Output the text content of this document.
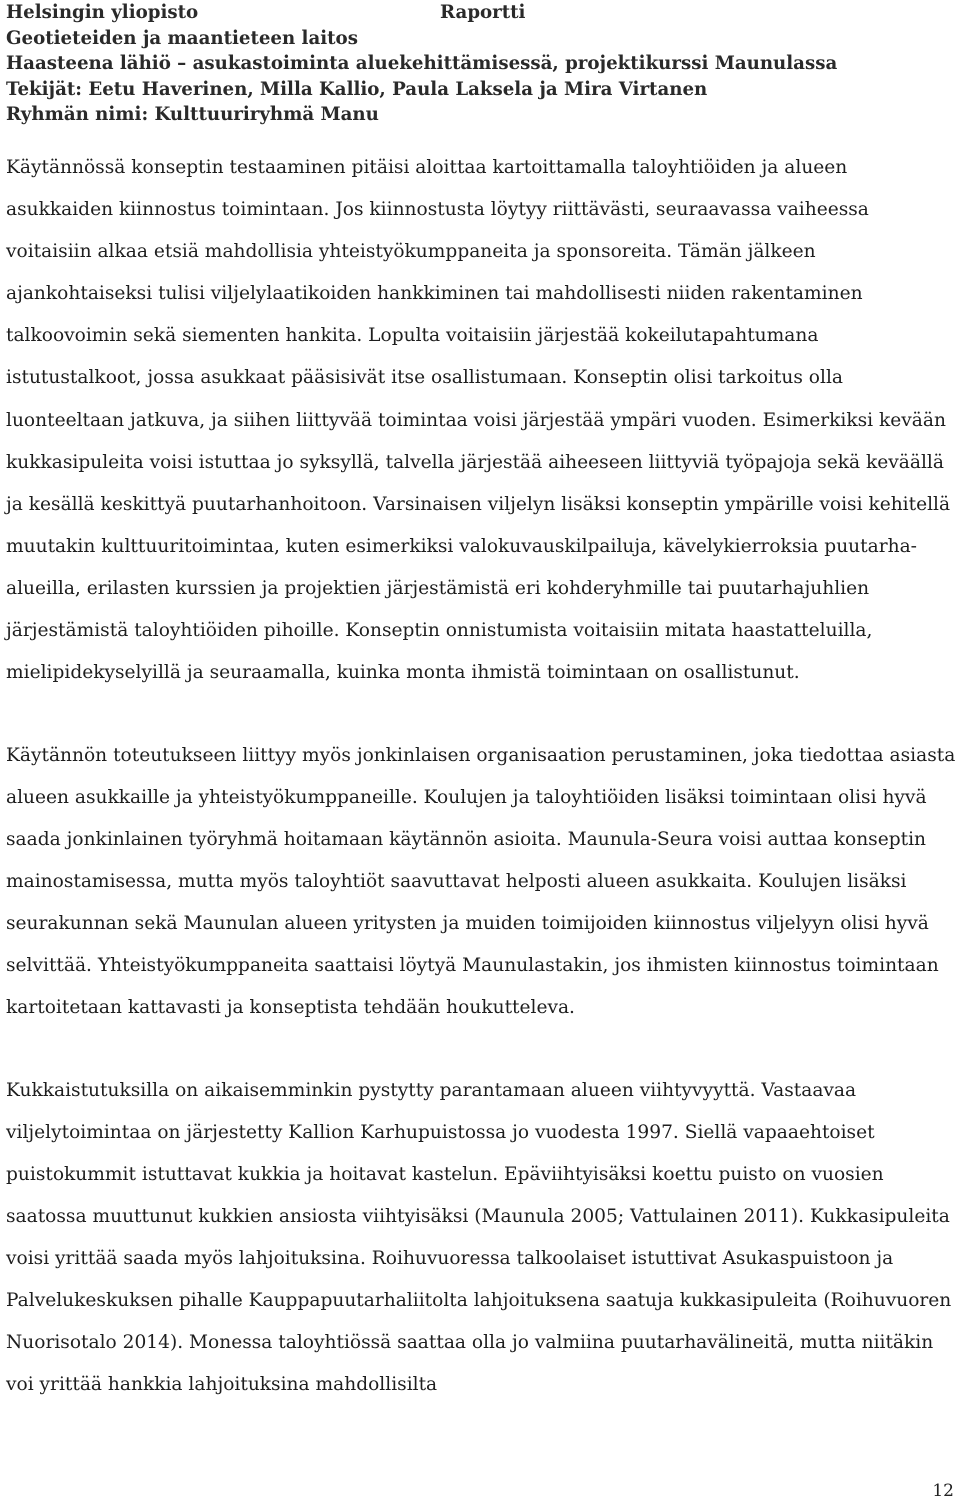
Helsingin yliopisto	Raportti
Geotieteiden ja maantieteen laitos
Haasteena lähiö – asukastoiminta aluekehittämisessä, projektikurssi Maunulassa
Tekijät: Eetu Haverinen, Milla Kallio, Paula Laksela ja Mira Virtanen
Ryhmän nimi: Kulttuuriryhmä Manu

Käytännössä konseptin testaaminen pitäisi aloittaa kartoittamalla taloyhtiöiden ja alueen asukkaiden kiinnostus toimintaan. Jos kiinnostusta löytyy riittävästi, seuraavassa vaiheessa voitaisiin alkaa etsiä mahdollisia yhteistyökumppaneita ja sponsoreita. Tämän jälkeen ajankohtaiseksi tulisi viljelylaatikoiden hankkiminen tai mahdollisesti niiden rakentaminen talkoovoimin sekä siementen hankita. Lopulta voitaisiin järjestää kokeilutapahtumana istutustalkoot, jossa asukkaat pääsisivät itse osallistumaan. Konseptin olisi tarkoitus olla luonteeltaan jatkuva, ja siihen liittyvää toimintaa voisi järjestää ympäri vuoden. Esimerkiksi kevään kukkasipuleita voisi istuttaa jo syksyllä, talvella järjestää aiheeseen liittyviä työpajoja sekä keväällä ja kesällä keskittyä puutarhanhoitoon. Varsinaisen viljelyn lisäksi konseptin ympärille voisi kehitellä muutakin kulttuuritoimintaa, kuten esimerkiksi valokuvauskilpailuja, kävelykierroksia puutarha-alueilla, erilasten kurssien ja projektien järjestämistä eri kohderyhmille tai puutarhajuhlien järjestämistä taloyhtiöiden pihoille. Konseptin onnistumista voitaisiin mitata haastatteluilla, mielipidekyselyillä ja seuraamalla, kuinka monta ihmistä toimintaan on osallistunut.

Käytännön toteutukseen liittyy myös jonkinlaisen organisaation perustaminen, joka tiedottaa asiasta alueen asukkaille ja yhteistyökumppaneille. Koulujen ja taloyhtiöiden lisäksi toimintaan olisi hyvä saada jonkinlainen työryhmä hoitamaan käytännön asioita. Maunula-Seura voisi auttaa konseptin mainostamisessa, mutta myös taloyhtiöt saavuttavat helposti alueen asukkaita. Koulujen lisäksi seurakunnan sekä Maunulan alueen yritysten ja muiden toimijoiden kiinnostus viljelyyn olisi hyvä selvittää. Yhteistyökumppaneita saattaisi löytyä Maunulastakin, jos ihmisten kiinnostus toimintaan kartoitetaan kattavasti ja konseptista tehdään houkutteleva.

Kukkaistutuksilla on aikaisemminkin pystytty parantamaan alueen viihtyvyyttä. Vastaavaa viljelytoimintaa on järjestetty Kallion Karhupuistossa jo vuodesta 1997. Siellä vapaaehtoiset puistokummit istuttavat kukkia ja hoitavat kastelun. Epäviihtyisäksi koettu puisto on vuosien saatossa muuttunut kukkien ansiosta viihtyisäksi (Maunula 2005; Vattulainen 2011). Kukkasipuleita voisi yrittää saada myös lahjoituksina. Roihuvuoressa talkoolaiset istuttivat Asukaspuistoon ja Palvelukeskuksen pihalle Kauppapuutarhaliitolta lahjoituksena saatuja kukkasipuleita (Roihuvuoren Nuorisotalo 2014). Monessa taloyhtiössä saattaa olla jo valmiina puutarhavälineitä, mutta niitäkin voi yrittää hankkia lahjoituksina mahdollisilta

12
